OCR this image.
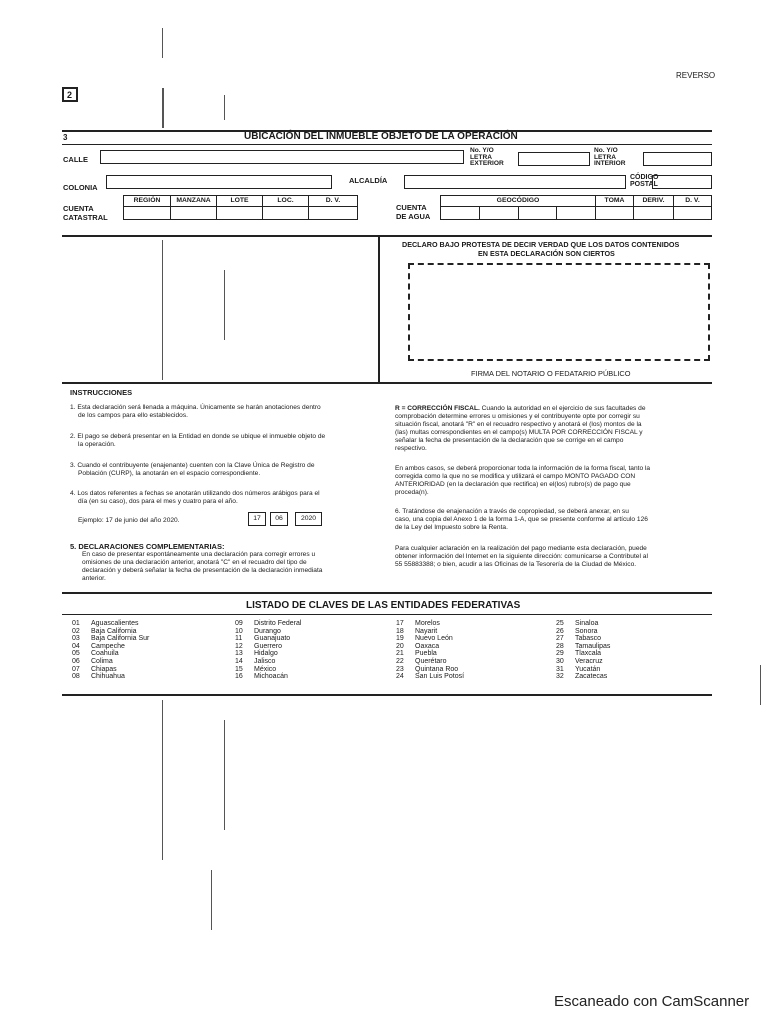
2
REVERSO
3	UBICACIÓN DEL INMUEBLE OBJETO DE LA OPERACIÓN
CALLE
No. Y/O
LETRA
EXTERIOR
No. Y/O
LETRA
INTERIOR
COLONIA
ALCALDÍA	CÓDIGO
POSTAL
CUENTA
CATASTRAL
REGIÓN	MANZANA	LOTE	LOC.	D. V.
CUENTA
DE AGUA
GEOCÓDIGO	TOMA	DERIV.	D. V.
DECLARO BAJO PROTESTA DE DECIR VERDAD QUE LOS DATOS CONTENIDOS
EN ESTA DECLARACIÓN SON CIERTOS
FIRMA DEL NOTARIO O FEDATARIO PÚBLICO
INSTRUCCIONES
1. Esta declaración será llenada a máquina. Únicamente se harán anotaciones dentro
de los campos para ello establecidos.
2. El pago se deberá presentar en la Entidad en donde se ubique el inmueble objeto de
la operación.
3. Cuando el contribuyente (enajenante) cuenten con la Clave Única de Registro de
Población (CURP), la anotarán en el espacio correspondiente.
4. Los datos referentes a fechas se anotarán utilizando dos números arábigos para el
día (en su caso), dos para el mes y cuatro para el año.
Ejemplo: 17 de junio del año 2020.	17	06	2020
5. DECLARACIONES COMPLEMENTARIAS:
En caso de presentar espontáneamente una declaración para corregir errores u
omisiones de una declaración anterior, anotará "C" en el recuadro del tipo de
declaración y deberá señalar la fecha de presentación de la declaración inmediata
anterior.
R = CORRECCIÓN FISCAL. Cuando la autoridad en el ejercicio de sus facultades de
comprobación determine errores u omisiones y el contribuyente opte por corregir su
situación fiscal, anotará "R" en el recuadro respectivo y anotará el (los) montos de la
(las) multas correspondientes en el campo(s) MULTA POR CORRECCIÓN FISCAL y
señalar la fecha de presentación de la declaración que se corrige en el campo
respectivo.
En ambos casos, se deberá proporcionar toda la información de la forma fiscal, tanto la
corregida como la que no se modifica y utilizará el campo MONTO PAGADO CON
ANTERIORIDAD (en la declaración que rectifica) en el(los) rubro(s) de pago que
proceda(n).
6. Tratándose de enajenación a través de copropiedad, se deberá anexar, en su
caso, una copia del Anexo 1 de la forma 1-A, que se presente conforme al artículo 126
de la Ley del Impuesto sobre la Renta.
Para cualquier aclaración en la realización del pago mediante esta declaración, puede
obtener información del Internet en la siguiente dirección: comunicarse a Contributel al
55 55883388; o bien, acudir a las Oficinas de la Tesorería de la Ciudad de México.
LISTADO DE CLAVES DE LAS ENTIDADES FEDERATIVAS
01	Aguascalientes
02	Baja California
03	Baja California Sur
04	Campeche
05	Coahuila
06	Colima
07	Chiapas
08	Chihuahua
09	Distrito Federal
10	Durango
11	Guanajuato
12	Guerrero
13	Hidalgo
14	Jalisco
15	México
16	Michoacán
17	Morelos
18	Nayarit
19	Nuevo León
20	Oaxaca
21	Puebla
22	Querétaro
23	Quintana Roo
24	San Luis Potosí
25	Sinaloa
26	Sonora
27	Tabasco
28	Tamaulipas
29	Tlaxcala
30	Veracruz
31	Yucatán
32	Zacatecas
Escaneado con CamScanner
